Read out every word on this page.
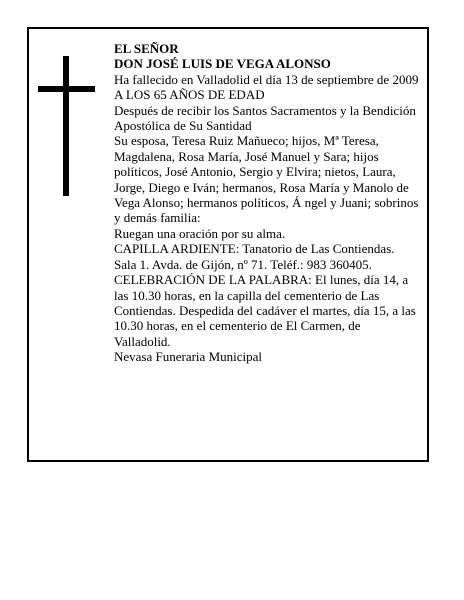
EL SEÑOR

DON JOSÉ LUIS DE VEGA ALONSO

Ha fallecido en Valladolid el día 13 de septiembre de 2009

A LOS 65 AÑOS DE EDAD

Después de recibir los Santos Sacramentos y la Bendición Apostólica de Su Santidad

Su esposa, Teresa Ruiz Mañueco; hijos, Mª Teresa, Magdalena, Rosa María, José Manuel y Sara; hijos políticos, José Antonio, Sergio y Elvira; nietos, Laura, Jorge, Diego e Iván; hermanos, Rosa María y Manolo de Vega Alonso; hermanos políticos, Á ngel y Juani; sobrinos y demás familia:

Ruegan una oración por su alma.

CAPILLA ARDIENTE: Tanatorio de Las Contiendas. Sala 1. Avda. de Gijón, nº 71. Teléf.: 983 360405.

CELEBRACIÓN DE LA PALABRA: El lunes, día 14, a las 10.30 horas, en la capilla del cementerio de Las Contiendas. Despedida del cadáver el martes, día 15, a las 10.30 horas, en el cementerio de El Carmen, de Valladolid.

Nevasa Funeraria Municipal
